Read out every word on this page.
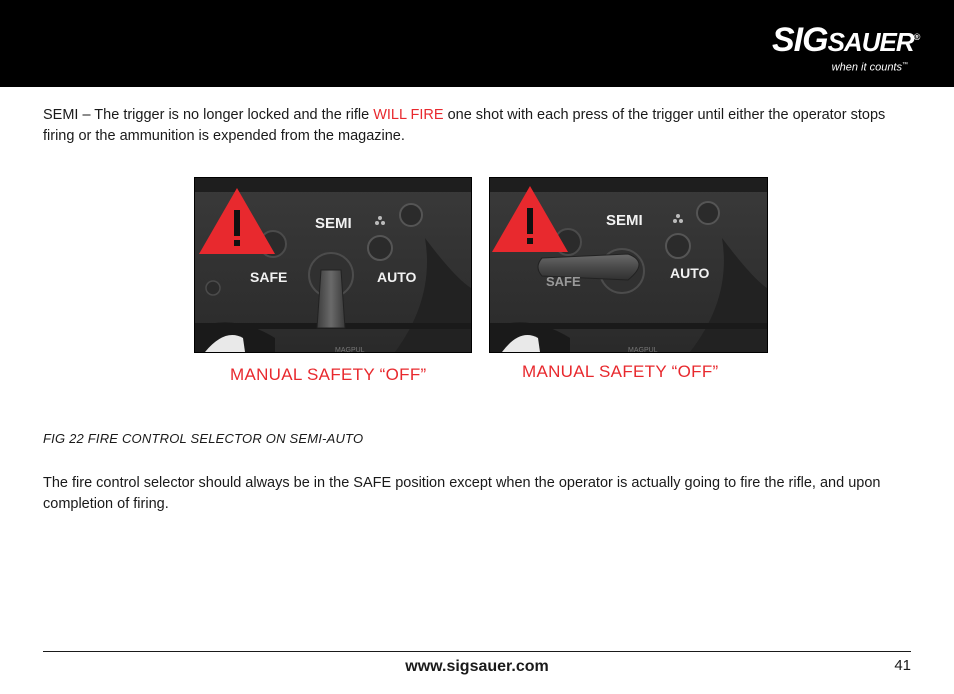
SIGSAUER®
when it counts™
SEMI – The trigger is no longer locked and the rifle WILL FIRE one shot with each press of the trigger until either the operator stops firing or the ammunition is expended from the magazine.
SEMI
SAFE	AUTO
MAGPUL
SEMI
SAFE
AUTO
MAGPUL
MANUAL SAFETY “OFF”	MANUAL SAFETY “OFF”
FIG 22 FIRE CONTROL SELECTOR ON SEMI-AUTO
The fire control selector should always be in the SAFE position except when the operator is actually going to fire the rifle, and upon completion of firing.
www.sigsauer.com	41
